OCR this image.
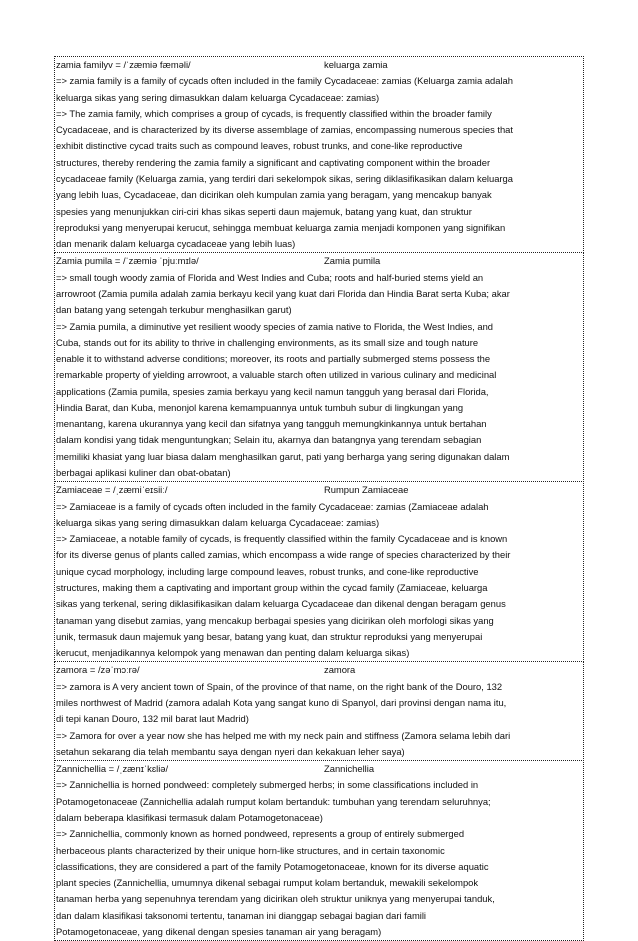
zamia familyv = /ˈzæmiə fæməli/	keluarga zamia
=> zamia family is a family of cycads often included in the family Cycadaceae: zamias (Keluarga zamia adalah
keluarga sikas yang sering dimasukkan dalam keluarga Cycadaceae: zamias)
=> The zamia family, which comprises a group of cycads, is frequently classified within the broader family
Cycadaceae, and is characterized by its diverse assemblage of zamias, encompassing numerous species that
exhibit distinctive cycad traits such as compound leaves, robust trunks, and cone-like reproductive
structures, thereby rendering the zamia family a significant and captivating component within the broader
cycadaceae family (Keluarga zamia, yang terdiri dari sekelompok sikas, sering diklasifikasikan dalam keluarga
yang lebih luas, Cycadaceae, dan dicirikan oleh kumpulan zamia yang beragam, yang mencakup banyak
spesies yang menunjukkan ciri-ciri khas sikas seperti daun majemuk, batang yang kuat, dan struktur
reproduksi yang menyerupai kerucut, sehingga membuat keluarga zamia menjadi komponen yang signifikan
dan menarik dalam keluarga cycadaceae yang lebih luas)
Zamia pumila = /ˈzæmiə ˈpjuːmɪlə/	Zamia pumila
=> small tough woody zamia of Florida and West Indies and Cuba; roots and half-buried stems yield an
arrowroot (Zamia pumila adalah zamia berkayu kecil yang kuat dari Florida dan Hindia Barat serta Kuba; akar
dan batang yang setengah terkubur menghasilkan garut)
=> Zamia pumila, a diminutive yet resilient woody species of zamia native to Florida, the West Indies, and
Cuba, stands out for its ability to thrive in challenging environments, as its small size and tough nature
enable it to withstand adverse conditions; moreover, its roots and partially submerged stems possess the
remarkable property of yielding arrowroot, a valuable starch often utilized in various culinary and medicinal
applications (Zamia pumila, spesies zamia berkayu yang kecil namun tangguh yang berasal dari Florida,
Hindia Barat, dan Kuba, menonjol karena kemampuannya untuk tumbuh subur di lingkungan yang
menantang, karena ukurannya yang kecil dan sifatnya yang tangguh memungkinkannya untuk bertahan
dalam kondisi yang tidak menguntungkan; Selain itu, akarnya dan batangnya yang terendam sebagian
memiliki khasiat yang luar biasa dalam menghasilkan garut, pati yang berharga yang sering digunakan dalam
berbagai aplikasi kuliner dan obat-obatan)
Zamiaceae = /ˌzæmiˈeɪsiiː/	Rumpun Zamiaceae
=> Zamiaceae is a family of cycads often included in the family Cycadaceae: zamias (Zamiaceae adalah
keluarga sikas yang sering dimasukkan dalam keluarga Cycadaceae: zamias)
=> Zamiaceae, a notable family of cycads, is frequently classified within the family Cycadaceae and is known
for its diverse genus of plants called zamias, which encompass a wide range of species characterized by their
unique cycad morphology, including large compound leaves, robust trunks, and cone-like reproductive
structures, making them a captivating and important group within the cycad family (Zamiaceae, keluarga
sikas yang terkenal, sering diklasifikasikan dalam keluarga Cycadaceae dan dikenal dengan beragam genus
tanaman yang disebut zamias, yang mencakup berbagai spesies yang dicirikan oleh morfologi sikas yang
unik, termasuk daun majemuk yang besar, batang yang kuat, dan struktur reproduksi yang menyerupai
kerucut, menjadikannya kelompok yang menawan dan penting dalam keluarga sikas)
zamora = /zəˈmɔːrə/	zamora
=> zamora is A very ancient town of Spain, of the province of that name, on the right bank of the Douro, 132
miles northwest of Madrid (zamora adalah Kota yang sangat kuno di Spanyol, dari provinsi dengan nama itu,
di tepi kanan Douro, 132 mil barat laut Madrid)
=> Zamora for over a year now she has helped me with my neck pain and stiffness (Zamora selama lebih dari
setahun sekarang dia telah membantu saya dengan nyeri dan kekakuan leher saya)
Zannichellia = /ˌzænɪˈkɛliə/	Zannichellia
=> Zannichellia is horned pondweed: completely submerged herbs; in some classifications included in
Potamogetonaceae (Zannichellia adalah rumput kolam bertanduk: tumbuhan yang terendam seluruhnya;
dalam beberapa klasifikasi termasuk dalam Potamogetonaceae)
=> Zannichellia, commonly known as horned pondweed, represents a group of entirely submerged
herbaceous plants characterized by their unique horn-like structures, and in certain taxonomic
classifications, they are considered a part of the family Potamogetonaceae, known for its diverse aquatic
plant species (Zannichellia, umumnya dikenal sebagai rumput kolam bertanduk, mewakili sekelompok
tanaman herba yang sepenuhnya terendam yang dicirikan oleh struktur uniknya yang menyerupai tanduk,
dan dalam klasifikasi taksonomi tertentu, tanaman ini dianggap sebagai bagian dari famili
Potamogetonaceae, yang dikenal dengan spesies tanaman air yang beragam)
